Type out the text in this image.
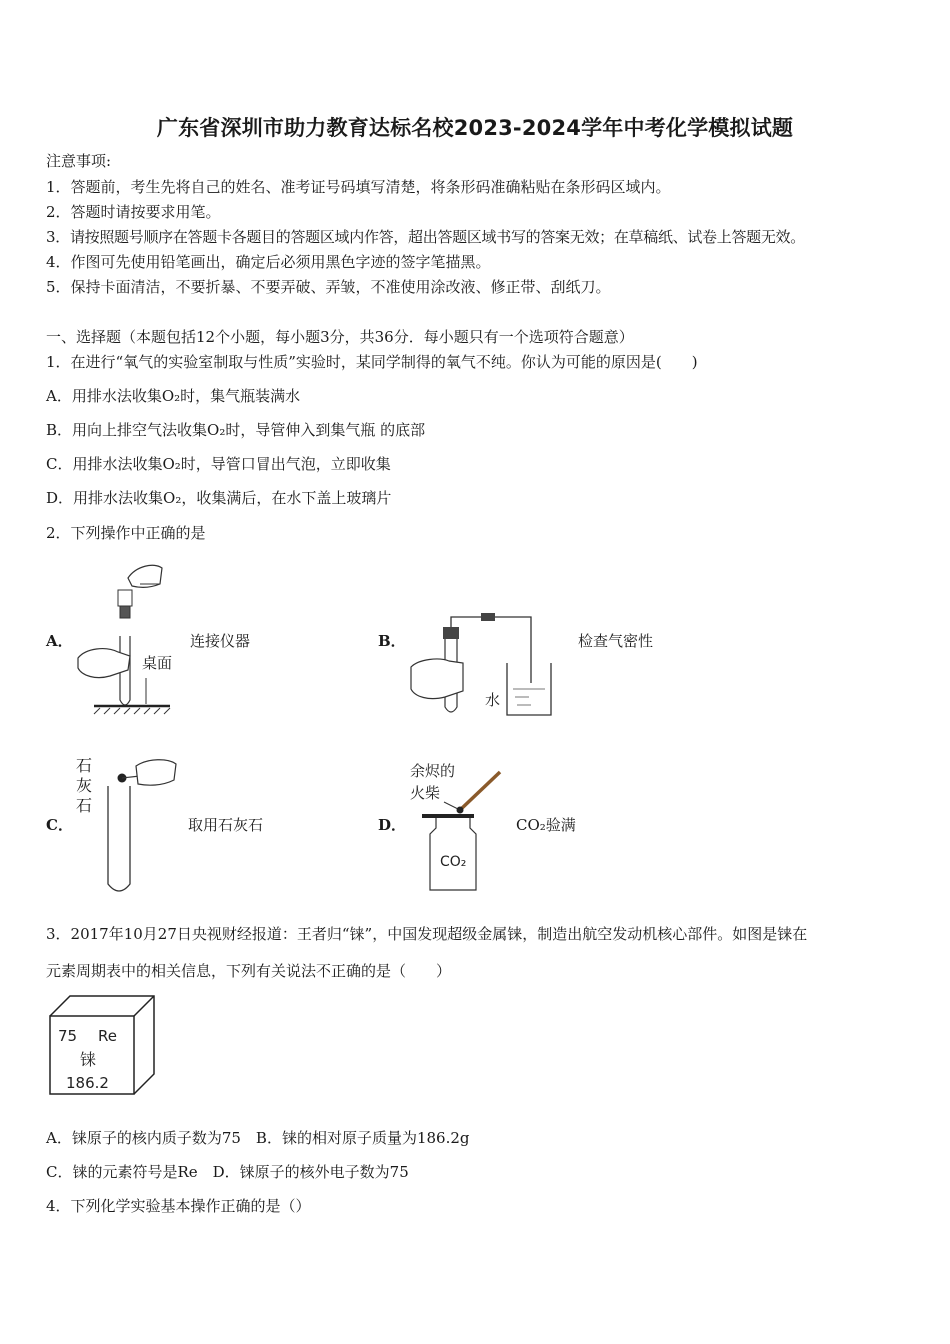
广东省深圳市助力教育达标名校2023-2024学年中考化学模拟试题
注意事项:
1．答题前，考生先将自己的姓名、准考证号码填写清楚，将条形码准确粘贴在条形码区域内。
2．答题时请按要求用笔。
3．请按照题号顺序在答题卡各题目的答题区域内作答，超出答题区域书写的答案无效；在草稿纸、试卷上答题无效。
4．作图可先使用铅笔画出，确定后必须用黑色字迹的签字笔描黑。
5．保持卡面清洁，不要折暴、不要弄破、弄皱，不准使用涂改液、修正带、刮纸刀。
一、选择题（本题包括12个小题，每小题3分，共36分．每小题只有一个选项符合题意）
1．在进行“氧气的实验室制取与性质”实验时，某同学制得的氧气不纯。你认为可能的原因是(　　)
A．用排水法收集O₂时，集气瓶装满水
B．用向上排空气法收集O₂时，导管伸入到集气瓶 的底部
C．用排水法收集O₂时，导管口冒出气泡，立即收集
D．用排水法收集O₂，收集满后，在水下盖上玻璃片
2．下列操作中正确的是
A．	连接仪器
桌面
B．	检查气密性
水
C．	取用石灰石
石灰石
D．	CO₂验满
余烬的
火柴
CO₂
3．2017年10月27日央视财经报道：王者归“铼”，中国发现超级金属铼，制造出航空发动机核心部件。如图是铼在
元素周期表中的相关信息，下列有关说法不正确的是（　　）
75 Re
铼
186.2
A．铼原子的核内质子数为75　B．铼的相对原子质量为186.2g
C．铼的元素符号是Re　D．铼原子的核外电子数为75
4．下列化学实验基本操作正确的是（）
